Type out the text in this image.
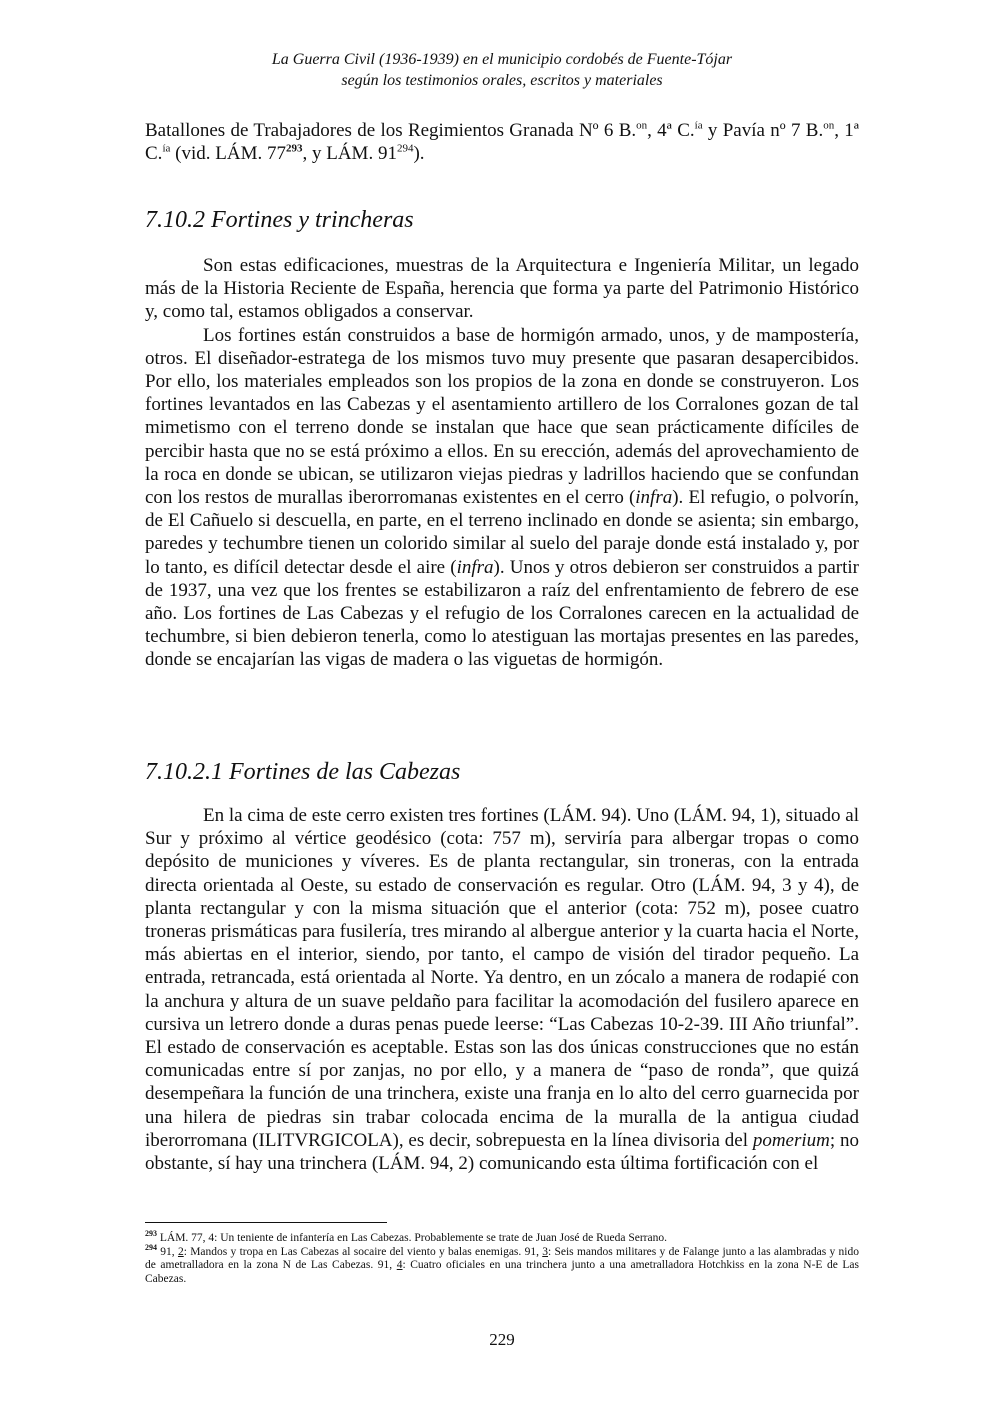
La Guerra Civil (1936-1939) en el municipio cordobés de Fuente-Tójar
según los testimonios orales, escritos y materiales

Batallones de Trabajadores de los Regimientos Granada Nº 6 B.$^{on}$, 4ª C.$^{ía}$ y Pavía nº 7 B.$^{on}$, 1ª C.$^{ía}$ (vid. LÁM. $77^{293}$, y LÁM. $91^{294}$).

7.10.2 Fortines y trincheras

Son estas edificaciones, muestras de la Arquitectura e Ingeniería Militar, un legado más de la Historia Reciente de España, herencia que forma ya parte del Patrimonio Histórico y, como tal, estamos obligados a conservar.

Los fortines están construidos a base de hormigón armado, unos, y de mampostería, otros. El diseñador-estratega de los mismos tuvo muy presente que pasaran desapercibidos. Por ello, los materiales empleados son los propios de la zona en donde se construyeron. Los fortines levantados en las Cabezas y el asentamiento artillero de los Corralones gozan de tal mimetismo con el terreno donde se instalan que hace que sean prácticamente difíciles de percibir hasta que no se está próximo a ellos. En su erección, además del aprovechamiento de la roca en donde se ubican, se utilizaron viejas piedras y ladrillos haciendo que se confundan con los restos de murallas iberorromanas existentes en el cerro (infra). El refugio, o polvorín, de El Cañuelo si descuella, en parte, en el terreno inclinado en donde se asienta; sin embargo, paredes y techumbre tienen un colorido similar al suelo del paraje donde está instalado y, por lo tanto, es difícil detectar desde el aire (infra). Unos y otros debieron ser construidos a partir de 1937, una vez que los frentes se estabilizaron a raíz del enfrentamiento de febrero de ese año. Los fortines de Las Cabezas y el refugio de los Corralones carecen en la actualidad de techumbre, si bien debieron tenerla, como lo atestiguan las mortajas presentes en las paredes, donde se encajarían las vigas de madera o las viguetas de hormigón.

7.10.2.1 Fortines de las Cabezas

En la cima de este cerro existen tres fortines (LÁM. 94). Uno (LÁM. 94, 1), situado al Sur y próximo al vértice geodésico (cota: 757 m), serviría para albergar tropas o como depósito de municiones y víveres. Es de planta rectangular, sin troneras, con la entrada directa orientada al Oeste, su estado de conservación es regular. Otro (LÁM. 94, 3 y 4), de planta rectangular y con la misma situación que el anterior (cota: 752 m), posee cuatro troneras prismáticas para fusilería, tres mirando al albergue anterior y la cuarta hacia el Norte, más abiertas en el interior, siendo, por tanto, el campo de visión del tirador pequeño. La entrada, retrancada, está orientada al Norte. Ya dentro, en un zócalo a manera de rodapié con la anchura y altura de un suave peldaño para facilitar la acomodación del fusilero aparece en cursiva un letrero donde a duras penas puede leerse: “Las Cabezas 10-2-39. III Año triunfal”. El estado de conservación es aceptable. Estas son las dos únicas construcciones que no están comunicadas entre sí por zanjas, no por ello, y a manera de “paso de ronda”, que quizá desempeñara la función de una trinchera, existe una franja en lo alto del cerro guarnecida por una hilera de piedras sin trabar colocada encima de la muralla de la antigua ciudad iberorromana (ILITVRGICOLA), es decir, sobrepuesta en la línea divisoria del pomerium; no obstante, sí hay una trinchera (LÁM. 94, 2) comunicando esta última fortificación con el

$^{293}$ LÁM. 77, 4: Un teniente de infantería en Las Cabezas. Probablemente se trate de Juan José de Rueda Serrano.

$^{294}$ 91, 2: Mandos y tropa en Las Cabezas al socaire del viento y balas enemigas. 91, 3: Seis mandos militares y de Falange junto a las alambradas y nido de ametralladora en la zona N de Las Cabezas. 91, 4: Cuatro oficiales en una trinchera junto a una ametralladora Hotchkiss en la zona N-E de Las Cabezas.

229
